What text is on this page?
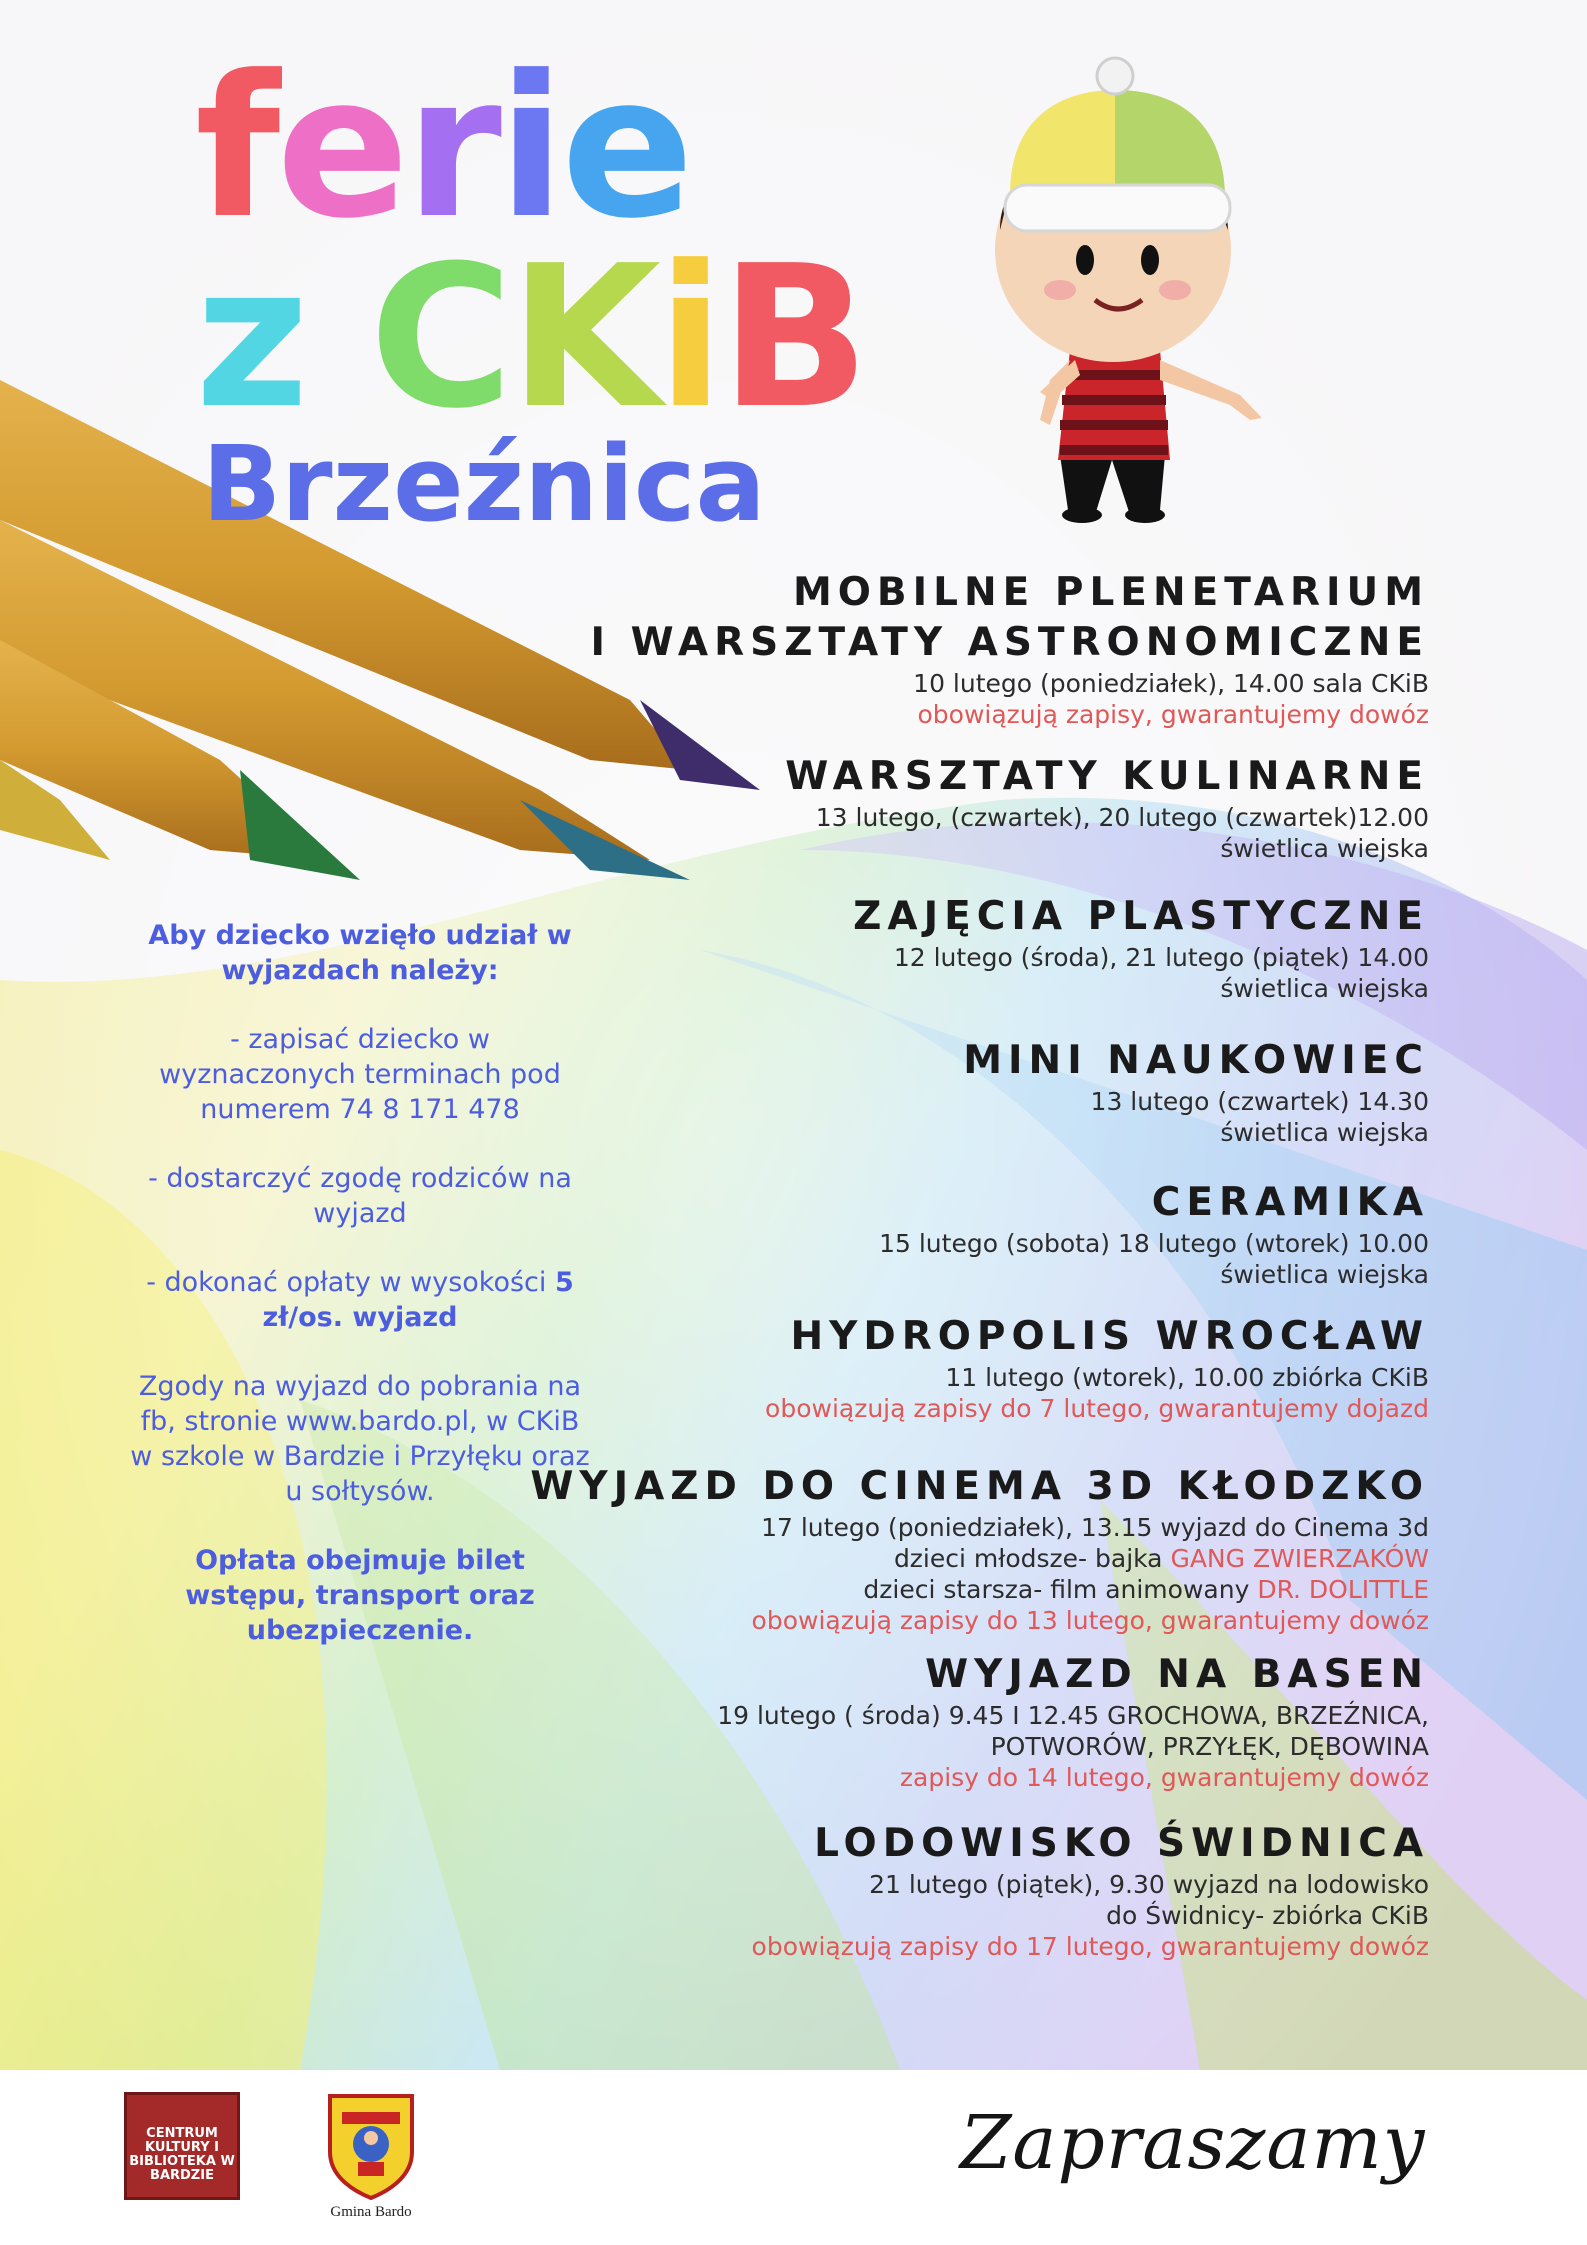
ferie
z CKiB
Brzeźnica
MOBILNE PLENETARIUM
I WARSZTATY ASTRONOMICZNE

10 lutego (poniedziałek), 14.00 sala CKiB

obowiązują zapisy, gwarantujemy dowóz

WARSZTATY KULINARNE

13 lutego, (czwartek), 20 lutego (czwartek)12.00

świetlica wiejska

ZAJĘCIA PLASTYCZNE

12 lutego (środa), 21 lutego (piątek) 14.00

świetlica wiejska

MINI NAUKOWIEC

13 lutego (czwartek) 14.30

świetlica wiejska

CERAMIKA

15 lutego (sobota) 18 lutego (wtorek) 10.00

świetlica wiejska

HYDROPOLIS WROCŁAW

11 lutego (wtorek), 10.00 zbiórka CKiB

obowiązują zapisy do 7 lutego, gwarantujemy dojazd

WYJAZD DO CINEMA 3D KŁODZKO

17 lutego (poniedziałek), 13.15 wyjazd do Cinema 3d

dzieci młodsze- bajka GANG ZWIERZAKÓW

dzieci starsza- film animowany DR. DOLITTLE

obowiązują zapisy do 13 lutego, gwarantujemy dowóz

WYJAZD NA BASEN

19 lutego ( środa) 9.45 I 12.45 GROCHOWA, BRZEŹNICA,

POTWORÓW, PRZYŁĘK, DĘBOWINA

zapisy do 14 lutego, gwarantujemy dowóz

LODOWISKO ŚWIDNICA

21 lutego (piątek), 9.30 wyjazd na lodowisko

do Świdnicy- zbiórka CKiB

obowiązują zapisy do 17 lutego, gwarantujemy dowóz

Aby dziecko wzięło udział w wyjazdach należy:

- zapisać dziecko w wyznaczonych terminach pod numerem 74 8 171 478

- dostarczyć zgodę rodziców na wyjazd

- dokonać opłaty w wysokości 5 zł/os. wyjazd

Zgody na wyjazd do pobrania na fb, stronie www.bardo.pl, w CKiB w szkole w Bardzie i Przyłęku oraz u sołtysów.

Opłata obejmuje bilet wstępu, transport oraz ubezpieczenie.

CENTRUM KULTURY I BIBLIOTEKA W BARDZIE
Gmina Bardo
Zapraszamy
